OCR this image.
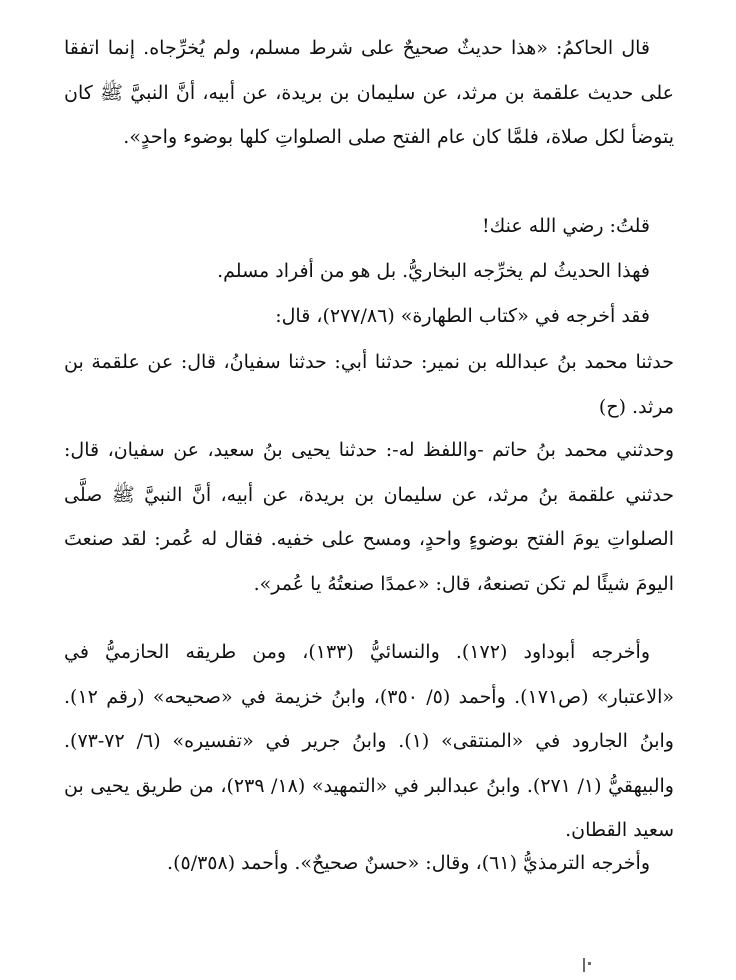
قال الحاكمُ: «هذا حديثٌ صحيحٌ على شرط مسلم، ولم يُخرِّجاه. إنما اتفقا على حديث علقمة بن مرثد، عن سليمان بن بريدة، عن أبيه، أنَّ النبيَّ ﷺ كان يتوضأ لكل صلاة، فلمَّا كان عام الفتح صلى الصلواتِ كلها بوضوء واحدٍ».

قلتُ: رضي الله عنك!

فهذا الحديثُ لم يخرِّجه البخاريُّ. بل هو من أفراد مسلم.

فقد أخرجه في «كتاب الطهارة» (٢٧٧/٨٦)، قال:

حدثنا محمد بنُ عبدالله بن نمير: حدثنا أبي: حدثنا سفيانُ، قال: عن علقمة بن مرثد. (ح)

وحدثني محمد بنُ حاتم -واللفظ له-: حدثنا يحيى بنُ سعيد، عن سفيان، قال: حدثني علقمة بنُ مرثد، عن سليمان بن بريدة، عن أبيه، أنَّ النبيَّ ﷺ صلَّى الصلواتِ يومَ الفتح بوضوءٍ واحدٍ، ومسح على خفيه. فقال له عُمر: لقد صنعتَ اليومَ شيئًا لم تكن تصنعهُ، قال: «عمدًا صنعتُهُ يا عُمر».

وأخرجه أبوداود (١٧٢). والنسائيُّ (١٣٣)، ومن طريقه الحازميُّ في «الاعتبار» (ص١٧١). وأحمد (٥/ ٣٥٠)، وابنُ خزيمة في «صحيحه» (رقم ١٢). وابنُ الجارود في «المنتقى» (١). وابنُ جرير في «تفسيره» (٦/ ٧٢-٧٣). والبيهقيُّ (١/ ٢٧١). وابنُ عبدالبر في «التمهيد» (١٨/ ٢٣٩)، من طريق يحيى بن سعيد القطان.

وأخرجه الترمذيُّ (٦١)، وقال: «حسنٌ صحيحٌ». وأحمد (٥/٣٥٨).
